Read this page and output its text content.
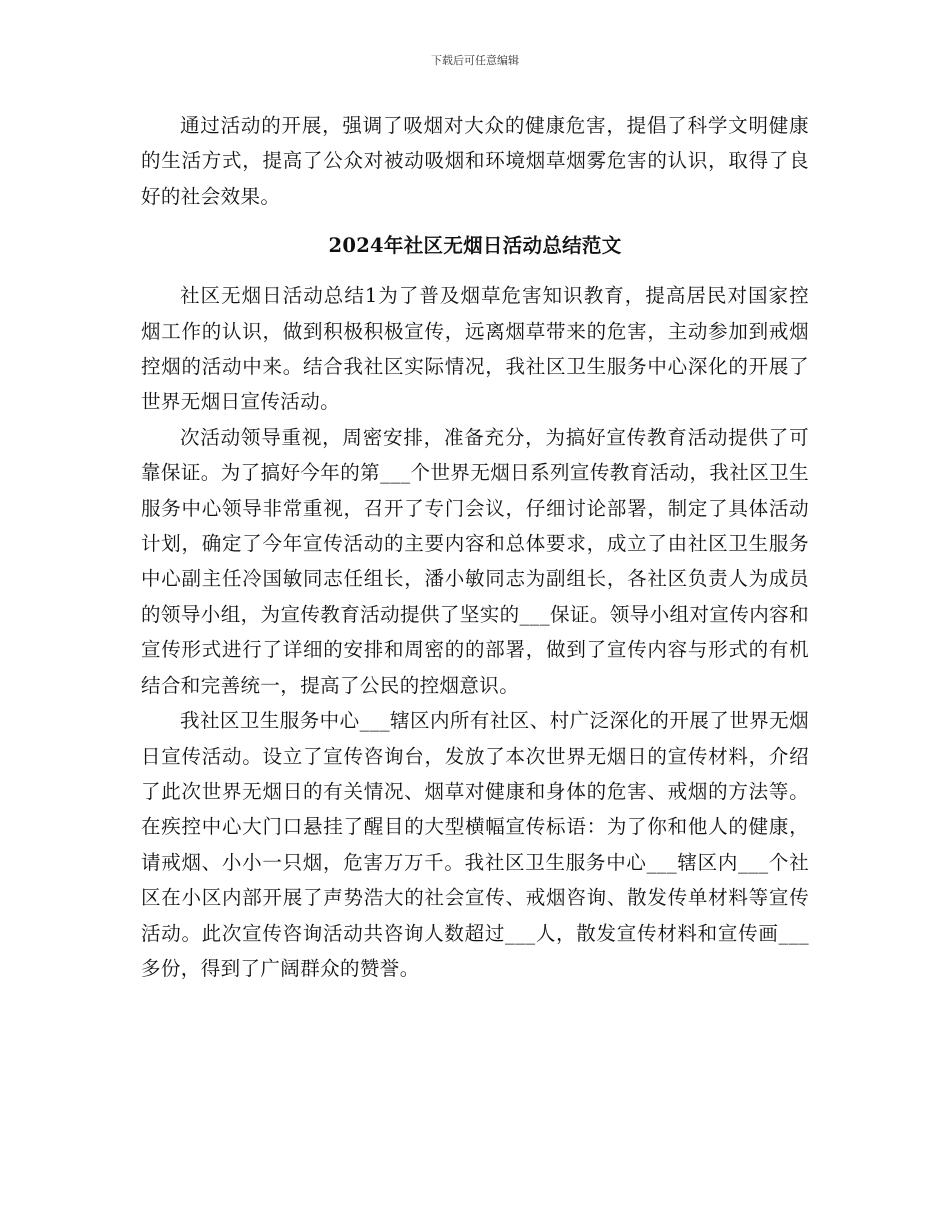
下载后可任意编辑

通过活动的开展，强调了吸烟对大众的健康危害，提倡了科学文明健康的生活方式，提高了公众对被动吸烟和环境烟草烟雾危害的认识，取得了良好的社会效果。

2024年社区无烟日活动总结范文

社区无烟日活动总结1为了普及烟草危害知识教育，提高居民对国家控烟工作的认识，做到积极积极宣传，远离烟草带来的危害，主动参加到戒烟控烟的活动中来。结合我社区实际情况，我社区卫生服务中心深化的开展了世界无烟日宣传活动。

次活动领导重视，周密安排，准备充分，为搞好宣传教育活动提供了可靠保证。为了搞好今年的第___个世界无烟日系列宣传教育活动，我社区卫生服务中心领导非常重视，召开了专门会议，仔细讨论部署，制定了具体活动计划，确定了今年宣传活动的主要内容和总体要求，成立了由社区卫生服务中心副主任冷国敏同志任组长，潘小敏同志为副组长，各社区负责人为成员的领导小组，为宣传教育活动提供了坚实的___保证。领导小组对宣传内容和宣传形式进行了详细的安排和周密的的部署，做到了宣传内容与形式的有机结合和完善统一，提高了公民的控烟意识。

我社区卫生服务中心___辖区内所有社区、村广泛深化的开展了世界无烟日宣传活动。设立了宣传咨询台，发放了本次世界无烟日的宣传材料，介绍了此次世界无烟日的有关情况、烟草对健康和身体的危害、戒烟的方法等。在疾控中心大门口悬挂了醒目的大型横幅宣传标语：为了你和他人的健康，请戒烟、小小一只烟，危害万万千。我社区卫生服务中心___辖区内___个社区在小区内部开展了声势浩大的社会宣传、戒烟咨询、散发传单材料等宣传活动。此次宣传咨询活动共咨询人数超过___人，散发宣传材料和宣传画___多份，得到了广阔群众的赞誉。
